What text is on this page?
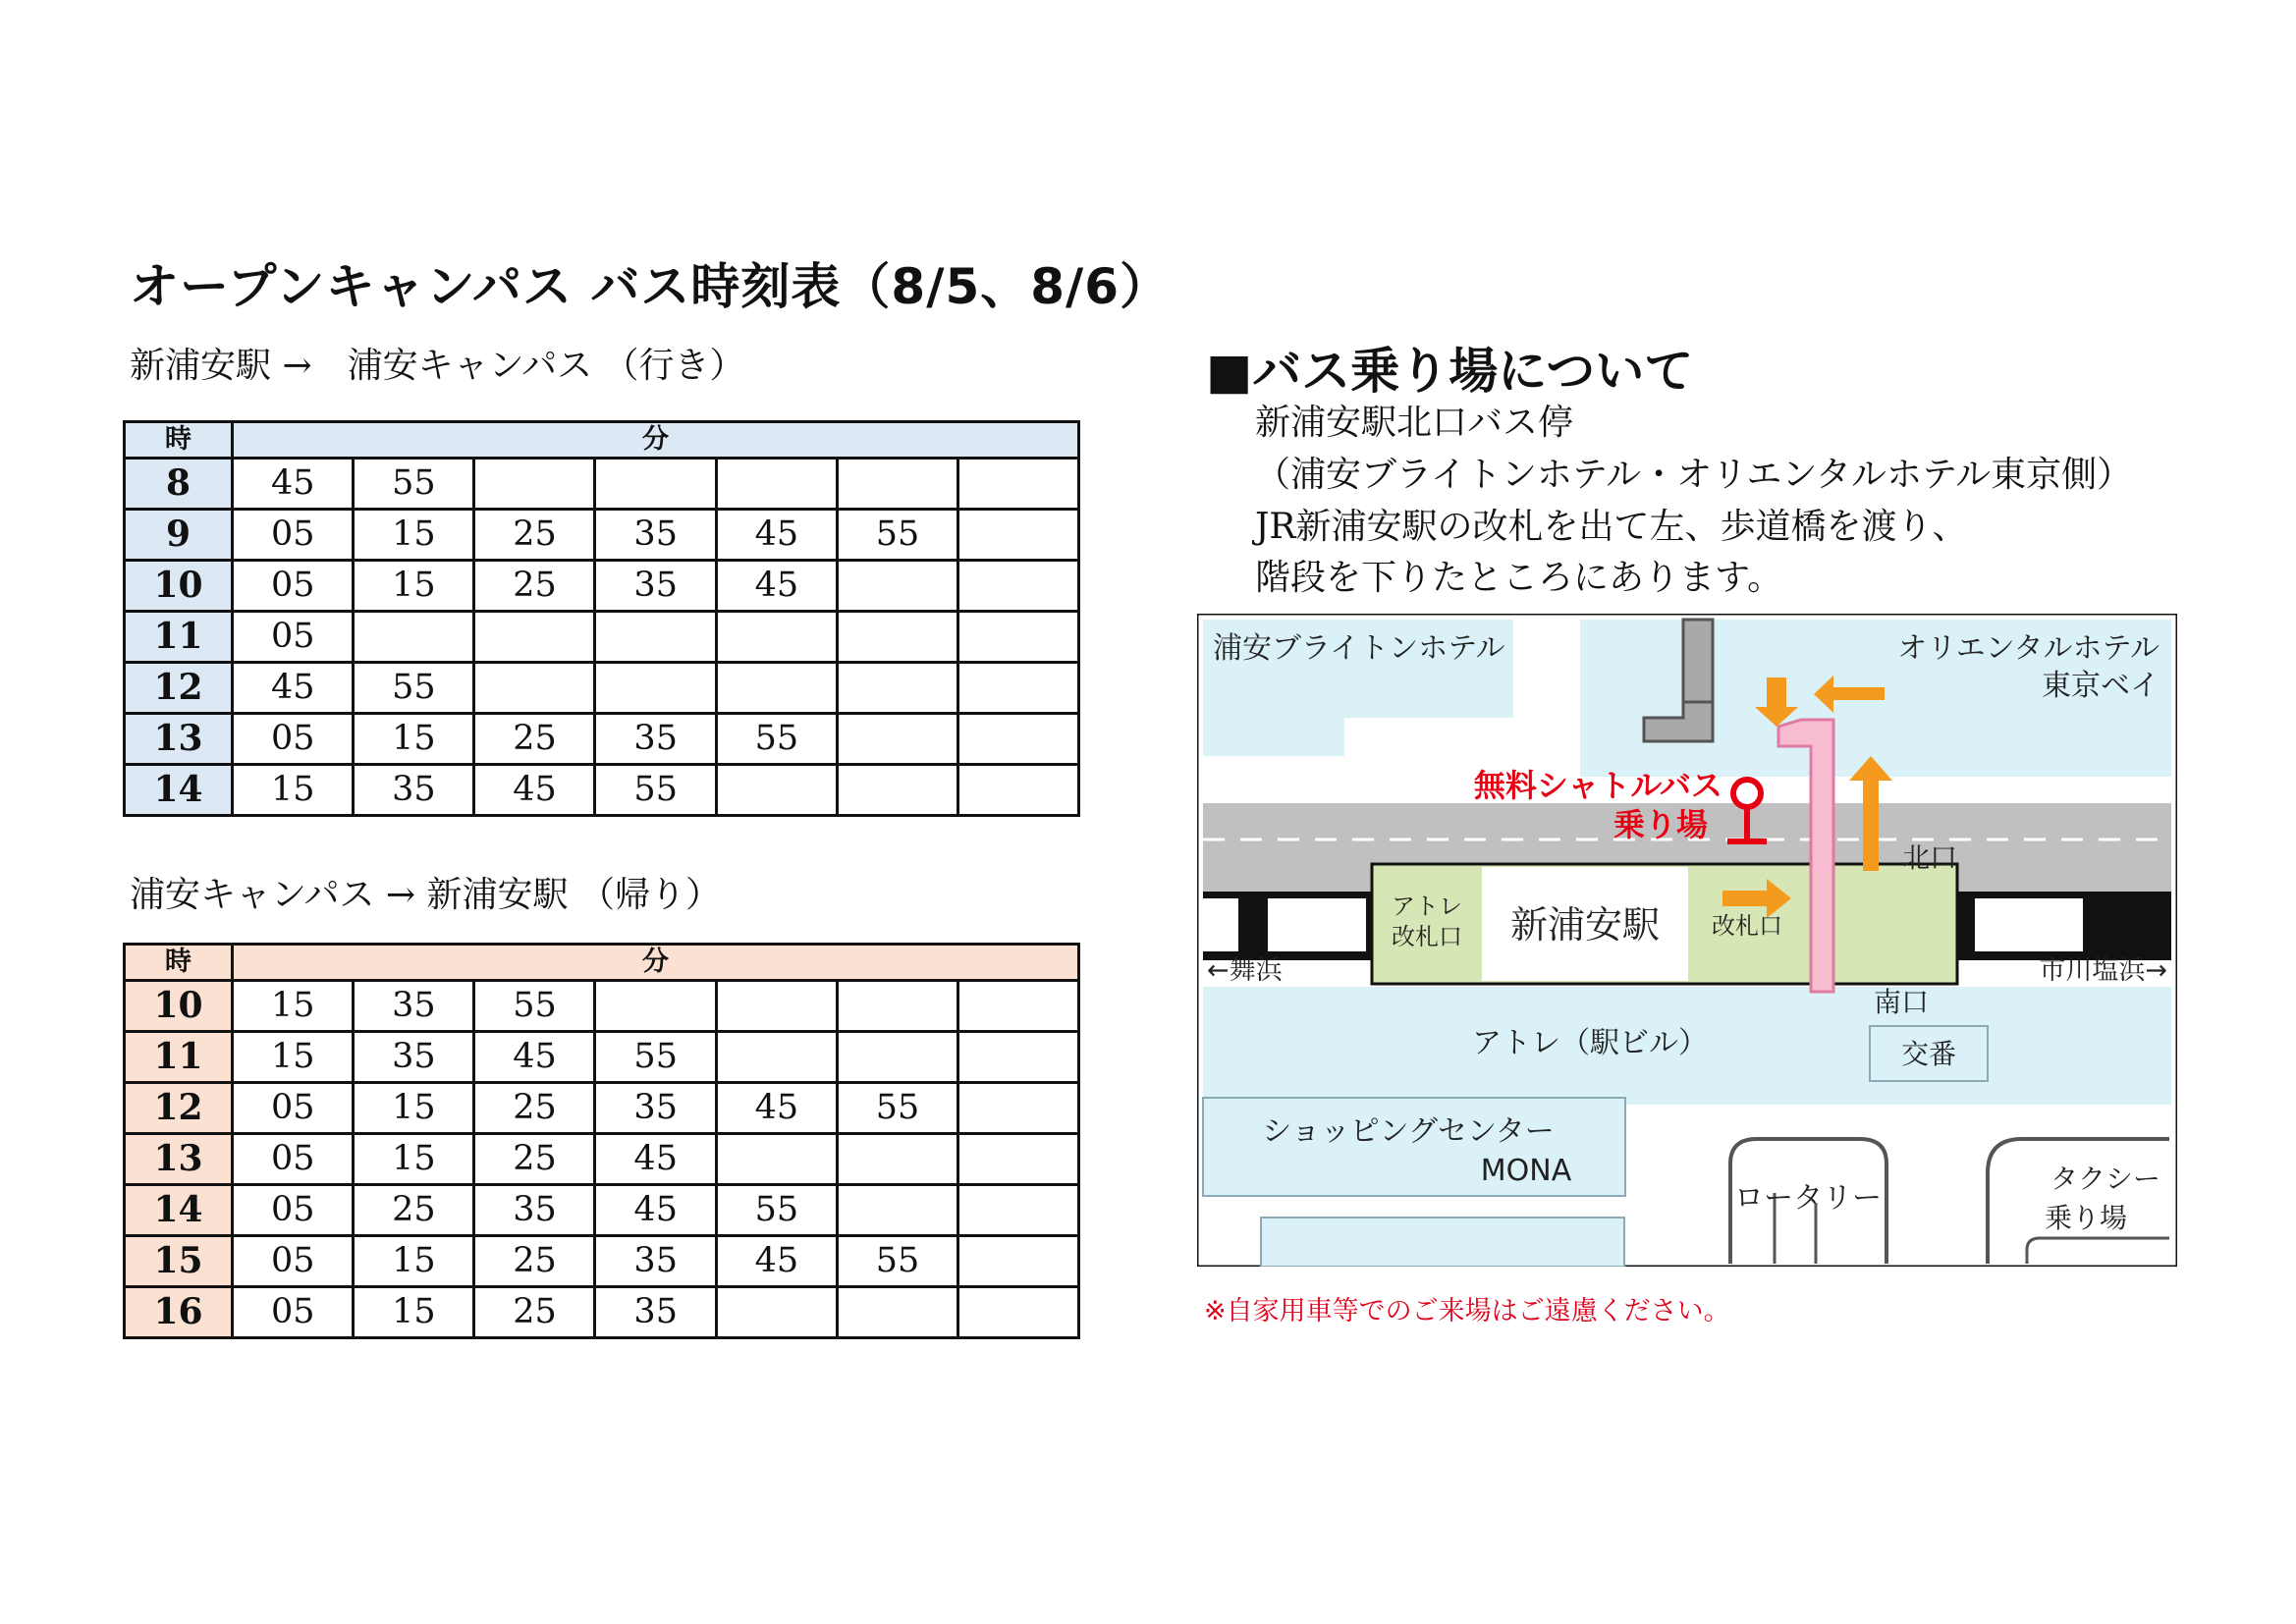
オープンキャンパス バス時刻表（8/5、8/6）
新浦安駅 →　浦安キャンパス （行き）
時	分						
8	45	55					
9	05	15	25	35	45	55	
10	05	15	25	35	45		
11	05						
12	45	55					
13	05	15	25	35	55		
14	15	35	45	55			
浦安キャンパス → 新浦安駅 （帰り）
時	分						
10	15	35	55				
11	15	35	45	55			
12	05	15	25	35	45	55	
13	05	15	25	45			
14	05	25	35	45	55		
15	05	15	25	35	45	55	
16	05	15	25	35			
■バス乗り場について
新浦安駅北口バス停
（浦安ブライトンホテル・オリエンタルホテル東京側）
JR新浦安駅の改札を出て左、歩道橋を渡り、
階段を下りたところにあります。
浦安ブライトンホテル	オリエンタルホテル
東京ベイ
無料シャトルバス
乗り場
北口
南口
アトレ
改札口 新浦安駅 改札口
←舞浜	市川塩浜→
アトレ（駅ビル）	交番
ショッピングセンター
MONA
ロータリー
タクシー
乗り場
※自家用車等でのご来場はご遠慮ください。
